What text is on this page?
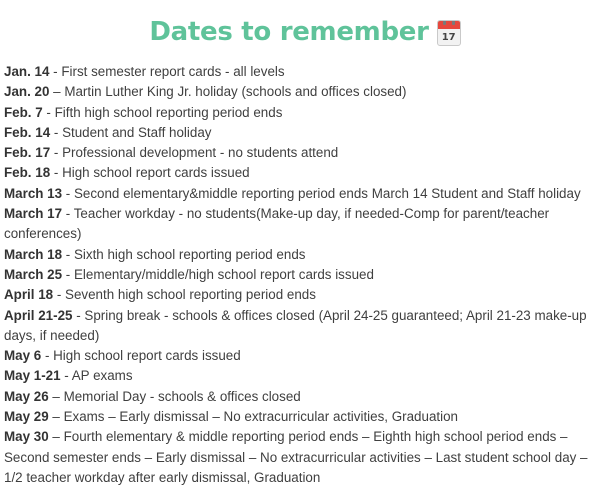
Dates to remember	17

Jan. 14 - First semester report cards - all levels

Jan. 20 – Martin Luther King Jr. holiday (schools and offices closed)

Feb. 7 - Fifth high school reporting period ends

Feb. 14 - Student and Staff holiday

Feb. 17 - Professional development - no students attend

Feb. 18 - High school report cards issued

March 13 - Second elementary&middle reporting period ends March 14 Student and Staff holiday

March 17 - Teacher workday - no students(Make-up day, if needed-Comp for parent/teacher conferences)

March 18 - Sixth high school reporting period ends

March 25 - Elementary/middle/high school report cards issued

April 18 - Seventh high school reporting period ends

April 21-25 - Spring break - schools & offices closed (April 24-25 guaranteed; April 21-23 make-up days, if needed)

May 6 - High school report cards issued

May 1-21 - AP exams

May 26 – Memorial Day - schools & offices closed

May 29 – Exams – Early dismissal – No extracurricular activities, Graduation

May 30 – Fourth elementary & middle reporting period ends – Eighth high school period ends – Second semester ends – Early dismissal – No extracurricular activities – Last student school day – 1/2 teacher workday after early dismissal, Graduation
